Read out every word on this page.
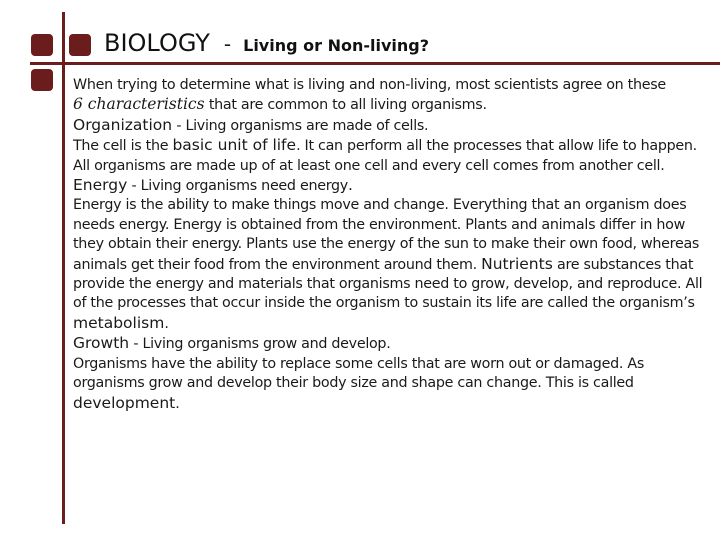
BIOLOGY - Living or Non-living?

When trying to determine what is living and non-living, most scientists agree on these
6 characteristics that are common to all living organisms.

Organization - Living organisms are made of cells.
The cell is the basic unit of life. It can perform all the processes that allow life to happen. All organisms are made up of at least one cell and every cell comes from another cell.

Energy - Living organisms need energy.
Energy is the ability to make things move and change. Everything that an organism does needs energy. Energy is obtained from the environment. Plants and animals differ in how they obtain their energy. Plants use the energy of the sun to make their own food, whereas animals get their food from the environment around them. Nutrients are substances that provide the energy and materials that organisms need to grow, develop, and reproduce. All of the processes that occur inside the organism to sustain its life are called the organism’s metabolism.

Growth - Living organisms grow and develop.
Organisms have the ability to replace some cells that are worn out or damaged. As organisms grow and develop their body size and shape can change. This is called development.
